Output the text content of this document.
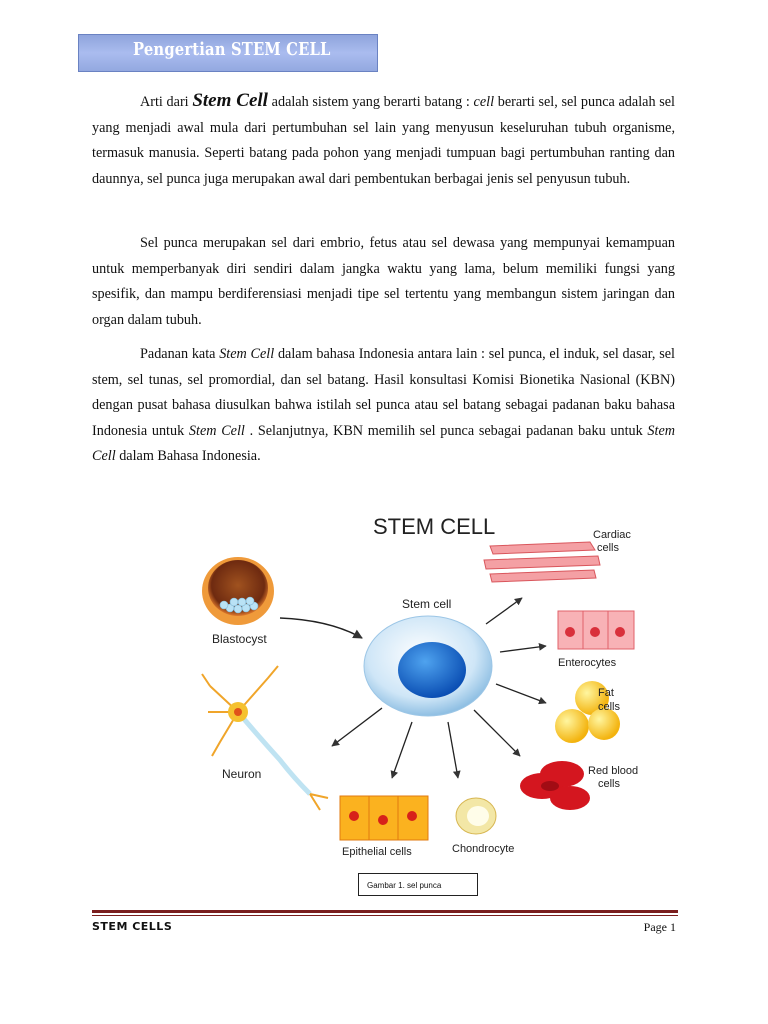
Pengertian STEM CELL

Arti dari Stem Cell adalah sistem yang berarti batang : cell berarti sel, sel punca adalah sel yang menjadi awal mula dari pertumbuhan sel lain yang menyusun keseluruhan tubuh organisme, termasuk manusia. Seperti batang pada pohon yang menjadi tumpuan bagi pertumbuhan ranting dan daunnya, sel punca juga merupakan awal dari pembentukan berbagai jenis sel penyusun tubuh.

Sel punca merupakan sel dari embrio, fetus atau sel dewasa yang mempunyai kemampuan untuk memperbanyak diri sendiri dalam jangka waktu yang lama, belum memiliki fungsi yang spesifik, dan mampu berdiferensiasi menjadi tipe sel tertentu yang membangun sistem jaringan dan organ dalam tubuh.

Padanan kata Stem Cell dalam bahasa Indonesia antara lain : sel punca, el induk, sel dasar, sel stem, sel tunas, sel promordial, dan sel batang. Hasil konsultasi Komisi Bionetika Nasional (KBN) dengan pusat bahasa diusulkan bahwa istilah sel punca atau sel batang sebagai padanan baku bahasa Indonesia untuk Stem Cell . Selanjutnya, KBN memilih sel punca sebagai padanan baku untuk Stem Cell dalam Bahasa Indonesia.

STEM CELL
Blastocyst
Stem cell
Cardiac
cells
Enterocytes
Fat
cells
Red blood
cells
Chondrocyte
Epithelial cells
Neuron
Gambar 1. sel punca
STEM CELLS	Page 1
